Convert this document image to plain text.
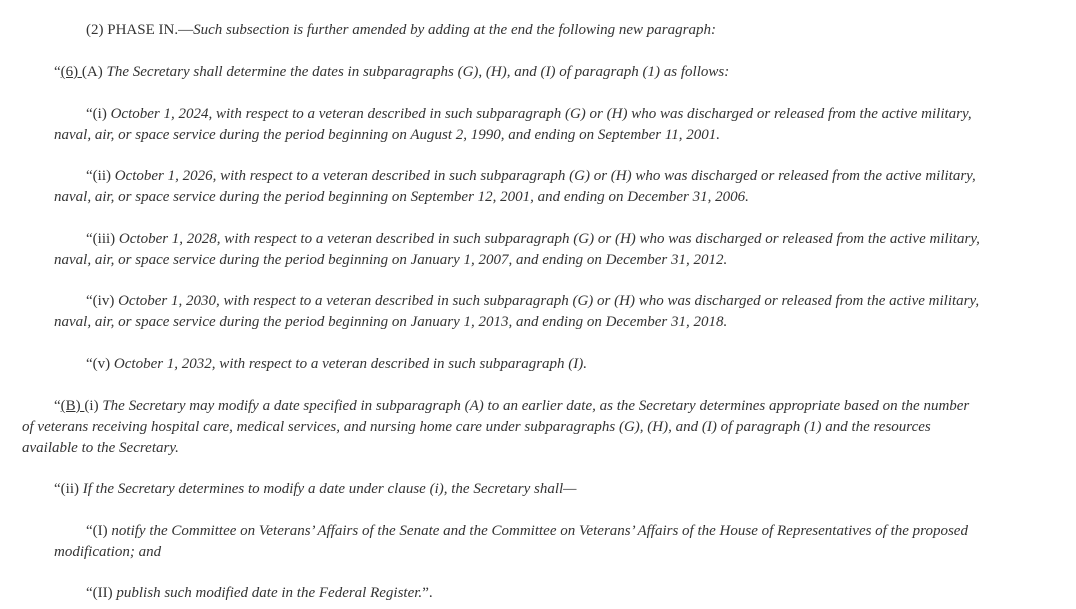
(2) PHASE IN.—Such subsection is further amended by adding at the end the following new paragraph:
“(6) (A) The Secretary shall determine the dates in subparagraphs (G), (H), and (I) of paragraph (1) as follows:
“(i) October 1, 2024, with respect to a veteran described in such subparagraph (G) or (H) who was discharged or released from the active military,
naval, air, or space service during the period beginning on August 2, 1990, and ending on September 11, 2001.
“(ii) October 1, 2026, with respect to a veteran described in such subparagraph (G) or (H) who was discharged or released from the active military,
naval, air, or space service during the period beginning on September 12, 2001, and ending on December 31, 2006.
“(iii) October 1, 2028, with respect to a veteran described in such subparagraph (G) or (H) who was discharged or released from the active military,
naval, air, or space service during the period beginning on January 1, 2007, and ending on December 31, 2012.
“(iv) October 1, 2030, with respect to a veteran described in such subparagraph (G) or (H) who was discharged or released from the active military,
naval, air, or space service during the period beginning on January 1, 2013, and ending on December 31, 2018.
“(v) October 1, 2032, with respect to a veteran described in such subparagraph (I).
“(B) (i) The Secretary may modify a date specified in subparagraph (A) to an earlier date, as the Secretary determines appropriate based on the number
of veterans receiving hospital care, medical services, and nursing home care under subparagraphs (G), (H), and (I) of paragraph (1) and the resources
available to the Secretary.
“(ii) If the Secretary determines to modify a date under clause (i), the Secretary shall—
“(I) notify the Committee on Veterans’ Affairs of the Senate and the Committee on Veterans’ Affairs of the House of Representatives of the proposed
modification; and
“(II) publish such modified date in the Federal Register.”.
